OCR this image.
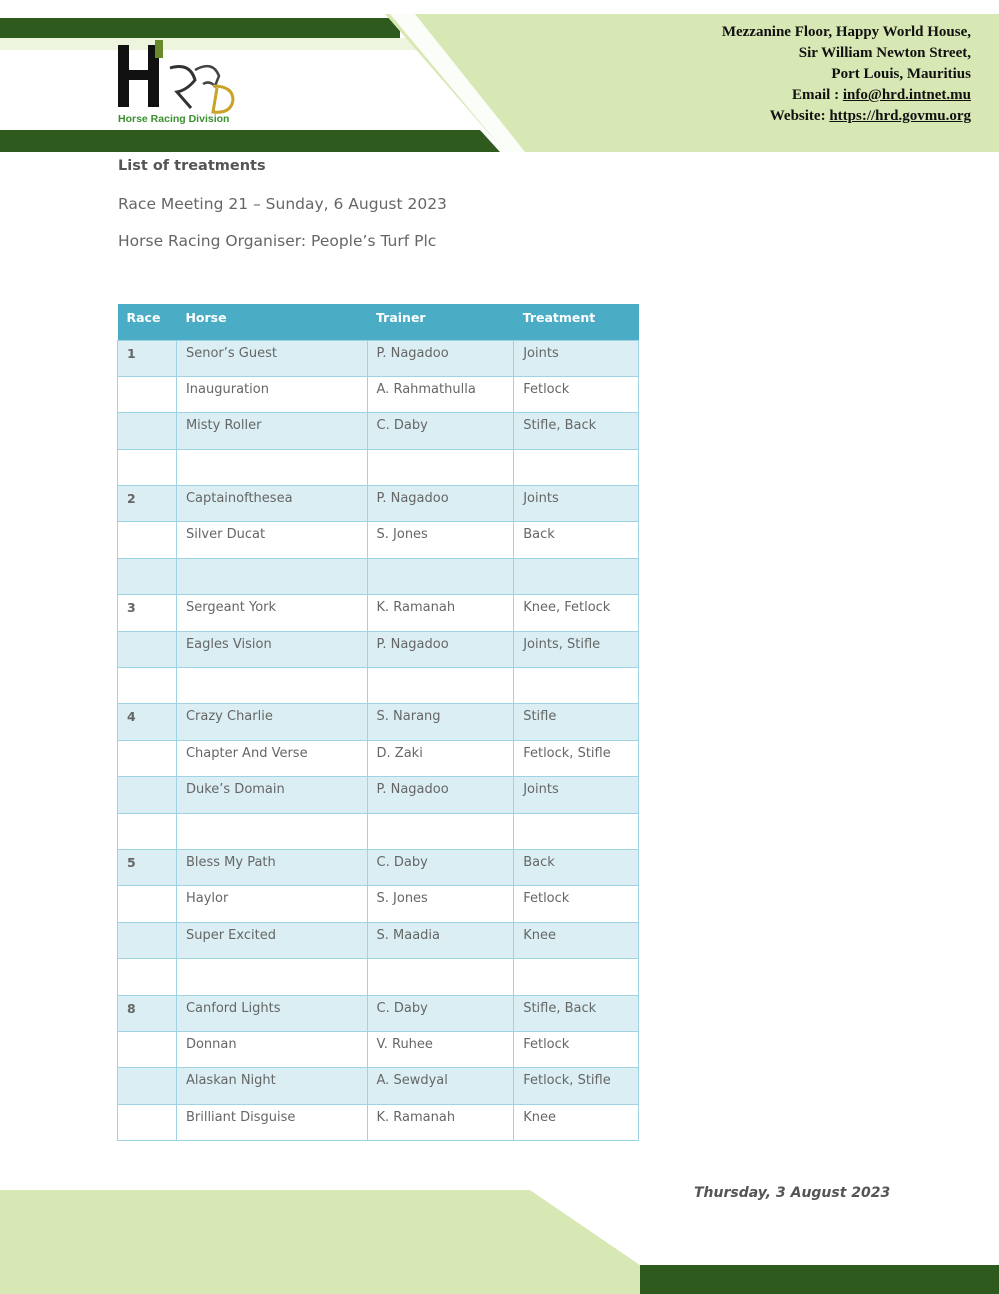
Horse Racing Division
Mezzanine Floor, Happy World House,
Sir William Newton Street,
Port Louis, Mauritius
Email : info@hrd.intnet.mu
Website: https://hrd.govmu.org
List of treatments
Race Meeting 21 – Sunday, 6 August 2023
Horse Racing Organiser: People’s Turf Plc
Race	Horse	Trainer	Treatment
1	Senor’s Guest	P. Nagadoo	Joints
	Inauguration	A. Rahmathulla	Fetlock
	Misty Roller	C. Daby	Stifle, Back

2	Captainofthesea	P. Nagadoo	Joints
	Silver Ducat	S. Jones	Back

3	Sergeant York	K. Ramanah	Knee, Fetlock
	Eagles Vision	P. Nagadoo	Joints, Stifle

4	Crazy Charlie	S. Narang	Stifle
	Chapter And Verse	D. Zaki	Fetlock, Stifle
	Duke’s Domain	P. Nagadoo	Joints

5	Bless My Path	C. Daby	Back
	Haylor	S. Jones	Fetlock
	Super Excited	S. Maadia	Knee

8	Canford Lights	C. Daby	Stifle, Back
	Donnan	V. Ruhee	Fetlock
	Alaskan Night	A. Sewdyal	Fetlock, Stifle
	Brilliant Disguise	K. Ramanah	Knee
Thursday, 3 August 2023
